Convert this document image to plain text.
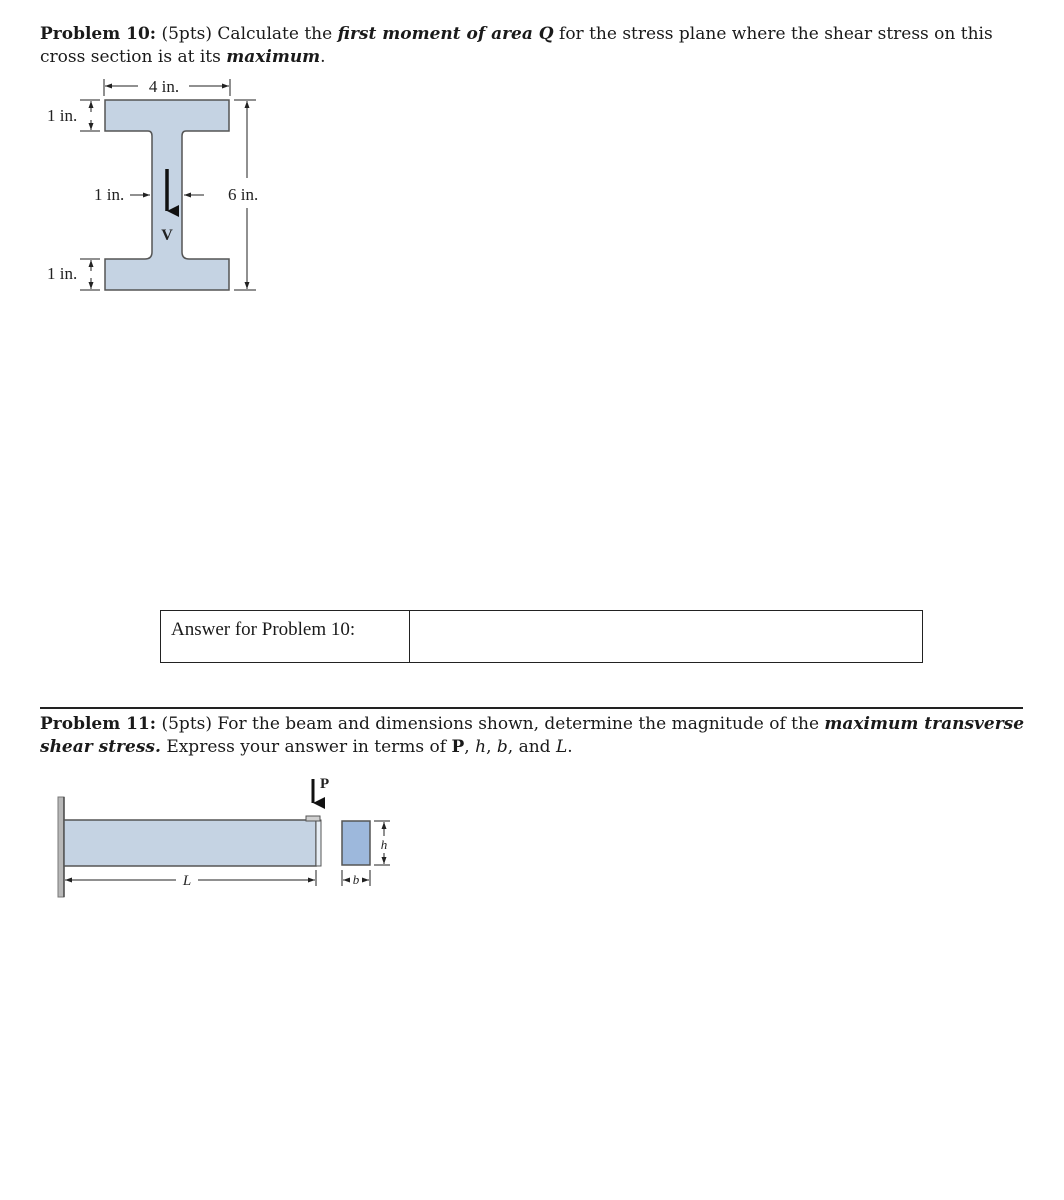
Problem 10: (5pts) Calculate the first moment of area Q for the stress plane where the shear stress on this cross section is at its maximum.
4 in.
1 in.
1 in.
V
6 in.
1 in.
Answer for Problem 10:	
Problem 11: (5pts) For the beam and dimensions shown, determine the magnitude of the maximum transverse shear stress. Express your answer in terms of P, h, b, and L.
P
L
h
b
